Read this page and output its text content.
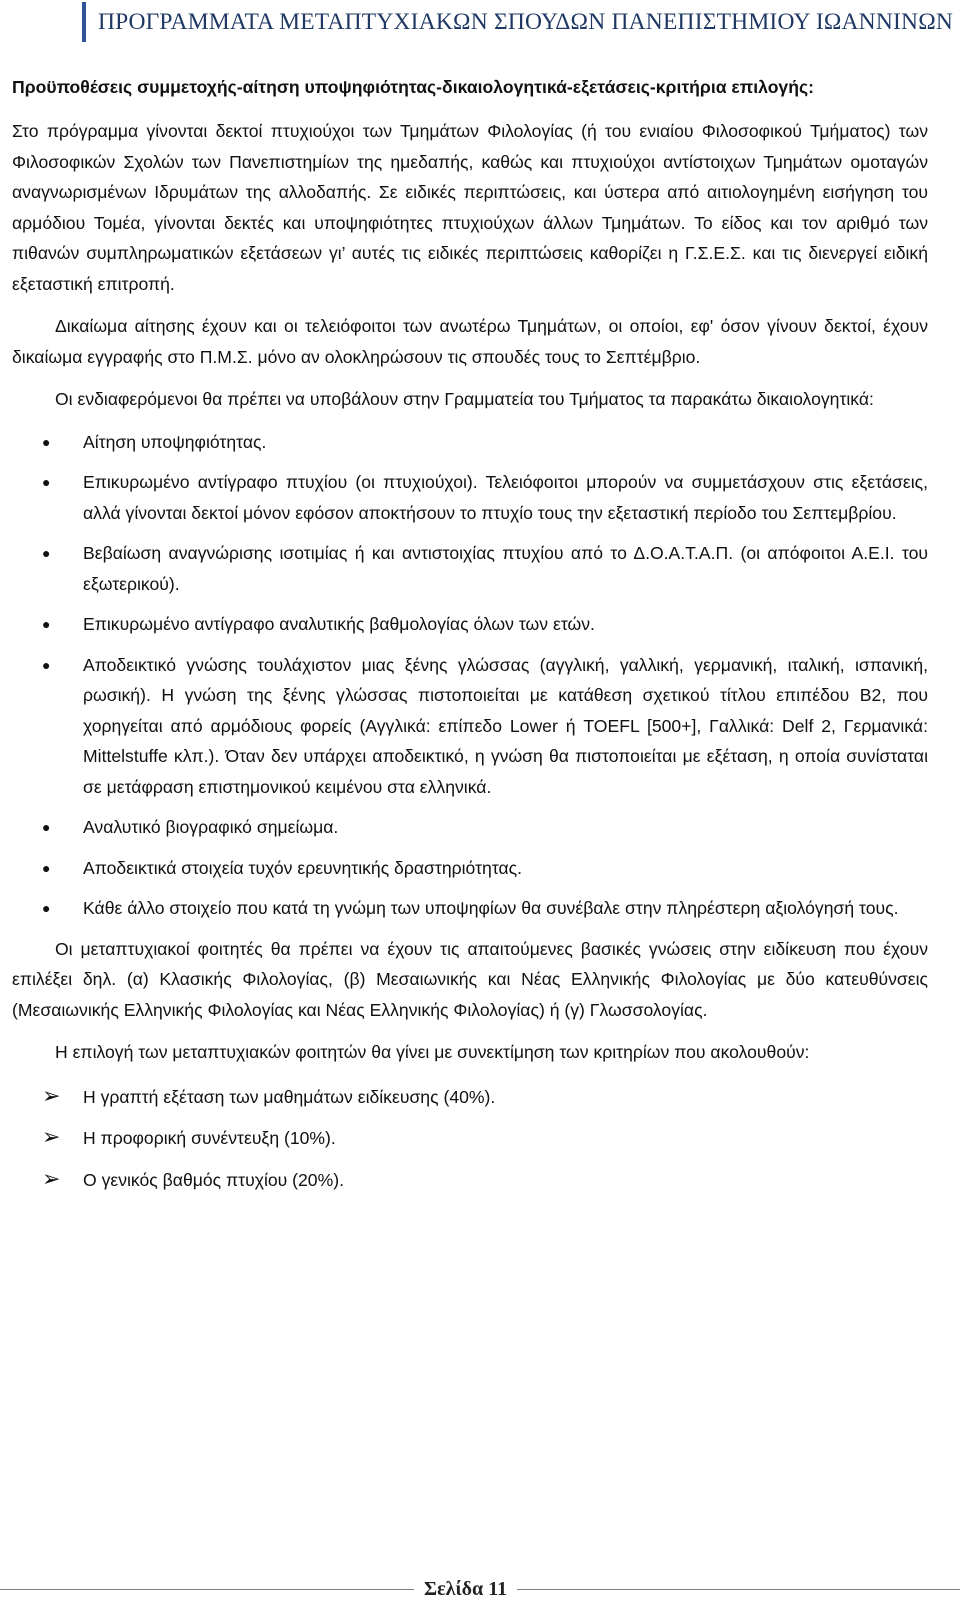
ΠΡΟΓΡΑΜΜΑΤΑ ΜΕΤΑΠΤΥΧΙΑΚΩΝ ΣΠΟΥΔΩΝ ΠΑΝΕΠΙΣΤΗΜΙΟΥ ΙΩΑΝΝΙΝΩΝ
Προϋποθέσεις συμμετοχής-αίτηση υποψηφιότητας-δικαιολογητικά-εξετάσεις-κριτήρια επιλογής:

Στο πρόγραμμα γίνονται δεκτοί πτυχιούχοι των Τμημάτων Φιλολογίας (ή του ενιαίου Φιλοσοφικού Τμήματος) των Φιλοσοφικών Σχολών των Πανεπιστημίων της ημεδαπής, καθώς και πτυχιούχοι αντίστοιχων Τμημάτων ομοταγών αναγνωρισμένων Ιδρυμάτων της αλλοδαπής. Σε ειδικές περιπτώσεις, και ύστερα από αιτιολογημένη εισήγηση του αρμόδιου Τομέα, γίνονται δεκτές και υποψηφιότητες πτυχιούχων άλλων Τμημάτων. Το είδος και τον αριθμό των πιθανών συμπληρωματικών εξετάσεων γι’ αυτές τις ειδικές περιπτώσεις καθορίζει η Γ.Σ.Ε.Σ. και τις διενεργεί ειδική εξεταστική επιτροπή.

Δικαίωμα αίτησης έχουν και οι τελειόφοιτοι των ανωτέρω Τμημάτων, οι οποίοι, εφ' όσον γίνουν δεκτοί, έχουν δικαίωμα εγγραφής στο Π.Μ.Σ. μόνο αν ολοκληρώσουν τις σπουδές τους το Σεπτέμβριο.

Οι ενδιαφερόμενοι θα πρέπει να υποβάλουν στην Γραμματεία του Τμήματος τα παρακάτω δικαιολογητικά:

● Αίτηση υποψηφιότητας.
● Επικυρωμένο αντίγραφο πτυχίου (οι πτυχιούχοι). Τελειόφοιτοι μπορούν να συμμετάσχουν στις εξετάσεις, αλλά γίνονται δεκτοί μόνον εφόσον αποκτήσουν το πτυχίο τους την εξεταστική περίοδο του Σεπτεμβρίου.
● Βεβαίωση αναγνώρισης ισοτιμίας ή και αντιστοιχίας πτυχίου από το Δ.Ο.Α.Τ.Α.Π. (οι απόφοιτοι Α.Ε.Ι. του εξωτερικού).
● Επικυρωμένο αντίγραφο αναλυτικής βαθμολογίας όλων των ετών.
● Αποδεικτικό γνώσης τουλάχιστον μιας ξένης γλώσσας (αγγλική, γαλλική, γερμανική, ιταλική, ισπανική, ρωσική). Η γνώση της ξένης γλώσσας πιστοποιείται με κατάθεση σχετικού τίτλου επιπέδου Β2, που χορηγείται από αρμόδιους φορείς (Αγγλικά: επίπεδο Lower ή TOEFL [500+], Γαλλικά: Delf 2, Γερμανικά: Mittelstuffe κλπ.). Όταν δεν υπάρχει αποδεικτικό, η γνώση θα πιστοποιείται με εξέταση, η οποία συνίσταται σε μετάφραση επιστημονικού κειμένου στα ελληνικά.
● Αναλυτικό βιογραφικό σημείωμα.
● Αποδεικτικά στοιχεία τυχόν ερευνητικής δραστηριότητας.
● Κάθε άλλο στοιχείο που κατά τη γνώμη των υποψηφίων θα συνέβαλε στην πληρέστερη αξιολόγησή τους.

Οι μεταπτυχιακοί φοιτητές θα πρέπει να έχουν τις απαιτούμενες βασικές γνώσεις στην ειδίκευση που έχουν επιλέξει δηλ. (α) Κλασικής Φιλολογίας, (β) Μεσαιωνικής και Νέας Ελληνικής Φιλολογίας με δύο κατευθύνσεις (Μεσαιωνικής Ελληνικής Φιλολογίας και Νέας Ελληνικής Φιλολογίας) ή (γ) Γλωσσολογίας.

Η επιλογή των μεταπτυχιακών φοιτητών θα γίνει με συνεκτίμηση των κριτηρίων που ακολουθούν:

➢ Η γραπτή εξέταση των μαθημάτων ειδίκευσης (40%).
➢ Η προφορική συνέντευξη (10%).
➢ Ο γενικός βαθμός πτυχίου (20%).
Σελίδα 11
